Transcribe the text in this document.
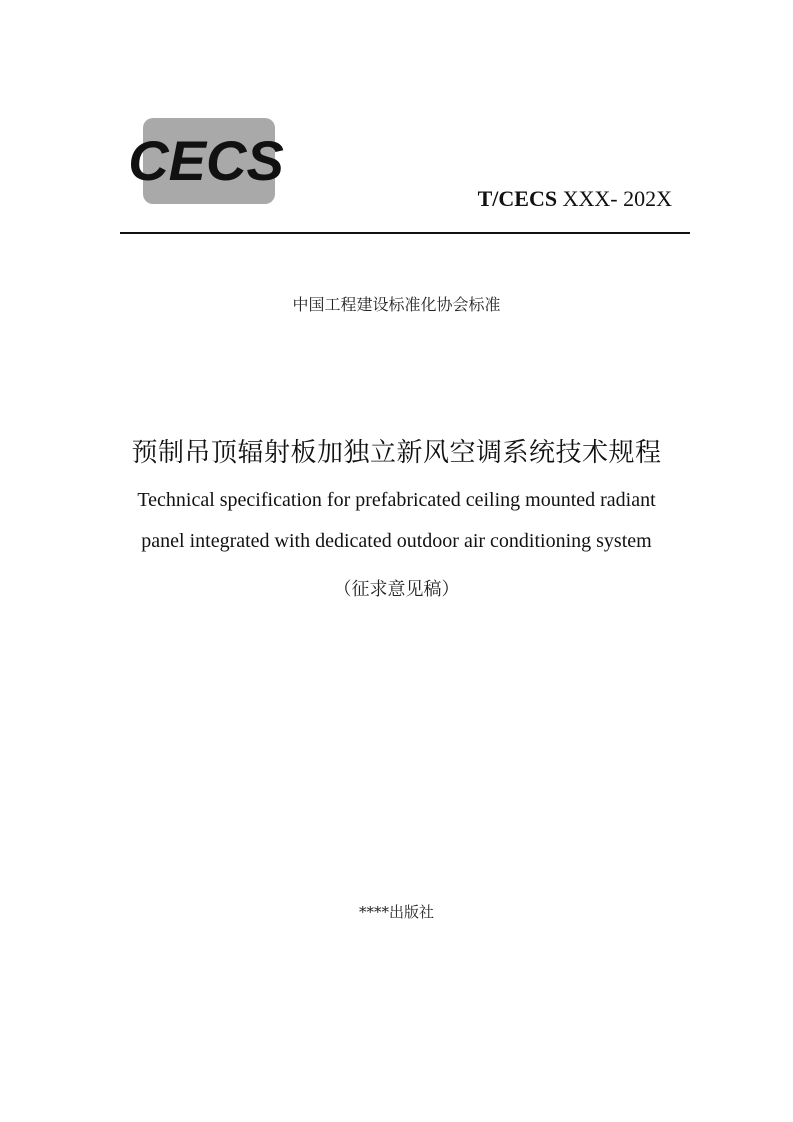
CECS
T/CECS XXX- 202X
中国工程建设标准化协会标准
预制吊顶辐射板加独立新风空调系统技术规程
Technical specification for prefabricated ceiling mounted radiant
panel integrated with dedicated outdoor air conditioning system
（征求意见稿）
****出版社
